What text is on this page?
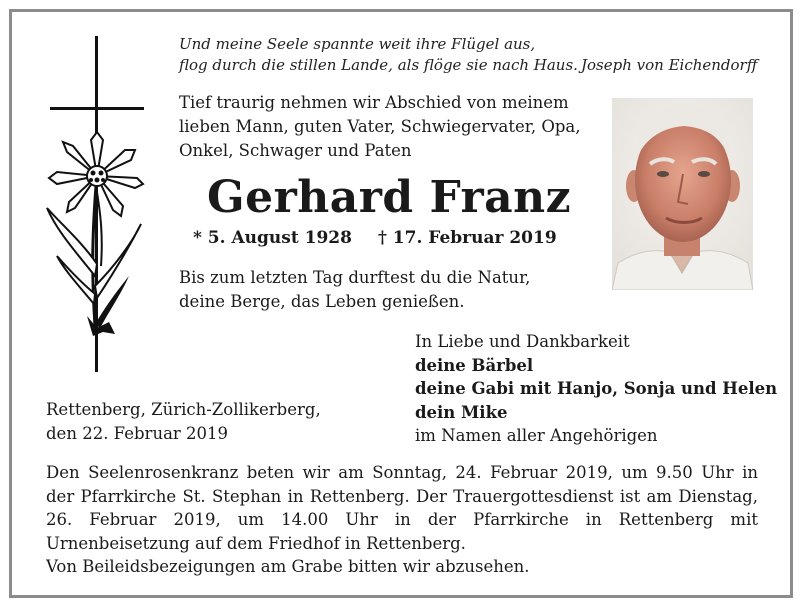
Und meine Seele spannte weit ihre Flügel aus,
flog durch die stillen Lande, als flöge sie nach Haus. Joseph von Eichendorff
Tief traurig nehmen wir Abschied von meinem
lieben Mann, guten Vater, Schwiegervater, Opa,
Onkel, Schwager und Paten
Gerhard Franz
* 5. August 1928 † 17. Februar 2019
Bis zum letzten Tag durftest du die Natur,
deine Berge, das Leben genießen.
In Liebe und Dankbarkeit
deine Bärbel
deine Gabi mit Hanjo, Sonja und Helen
dein Mike
im Namen aller Angehörigen
Rettenberg, Zürich-Zollikerberg,
den 22. Februar 2019
Den Seelenrosenkranz beten wir am Sonntag, 24. Februar 2019, um 9.50 Uhr in
der Pfarrkirche St. Stephan in Rettenberg. Der Trauergottesdienst ist am Dienstag,
26. Februar 2019, um 14.00 Uhr in der Pfarrkirche in Rettenberg mit
Urnenbeisetzung auf dem Friedhof in Rettenberg.
Von Beileidsbezeigungen am Grabe bitten wir abzusehen.
